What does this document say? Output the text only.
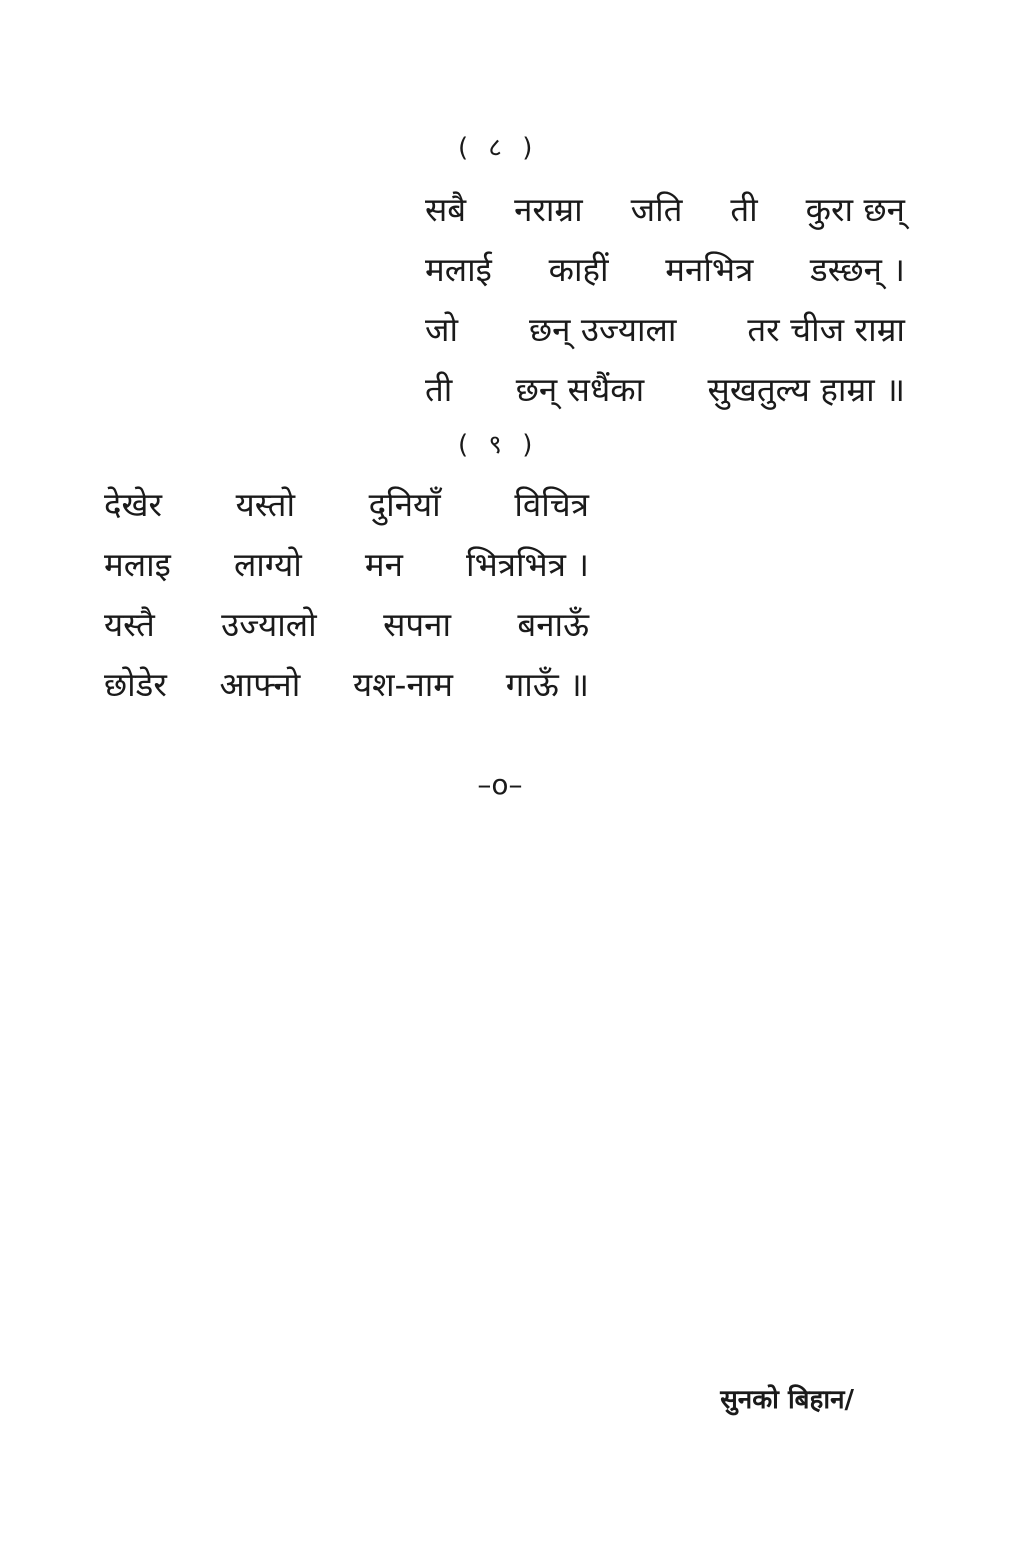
( ८ )
सबै नराम्रा जति ती कुरा छन्
मलाई काहीं मनभित्र डस्छन् ।
जो छन् उज्याला तर चीज राम्रा
ती छन् सधैंका सुखतुल्य हाम्रा ॥
( ९ )
देखेर यस्तो दुनियाँ विचित्र
मलाइ लाग्यो मन भित्रभित्र ।
यस्तै उज्यालो सपना बनाऊँ
छोडेर आफ्नो यश-नाम गाऊँ ॥
–o–
सुनको बिहान/
